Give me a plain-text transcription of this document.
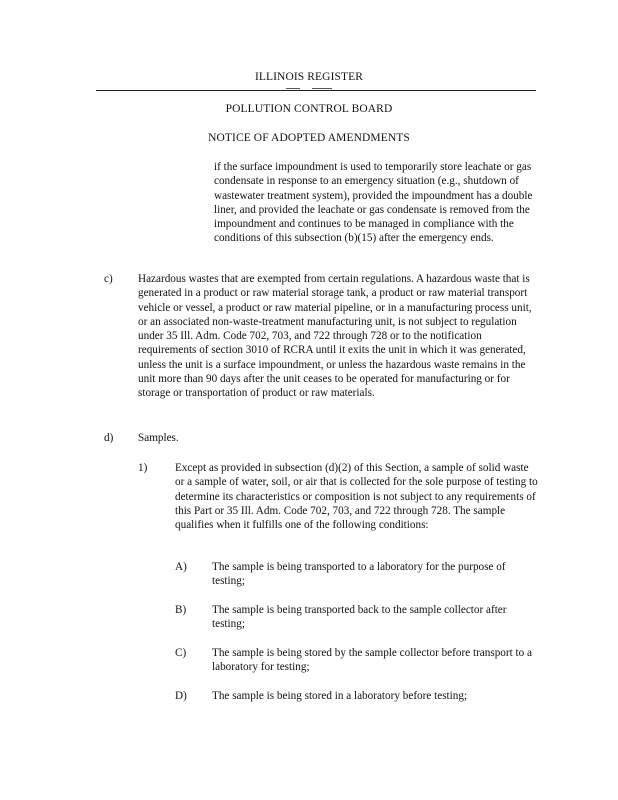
ILLINOIS REGISTER
POLLUTION CONTROL BOARD
NOTICE OF ADOPTED AMENDMENTS
if the surface impoundment is used to temporarily store leachate or gas condensate in response to an emergency situation (e.g., shutdown of wastewater treatment system), provided the impoundment has a double liner, and provided the leachate or gas condensate is removed from the impoundment and continues to be managed in compliance with the conditions of this subsection (b)(15) after the emergency ends.
c) Hazardous wastes that are exempted from certain regulations. A hazardous waste that is generated in a product or raw material storage tank, a product or raw material transport vehicle or vessel, a product or raw material pipeline, or in a manufacturing process unit, or an associated non-waste-treatment manufacturing unit, is not subject to regulation under 35 Ill. Adm. Code 702, 703, and 722 through 728 or to the notification requirements of section 3010 of RCRA until it exits the unit in which it was generated, unless the unit is a surface impoundment, or unless the hazardous waste remains in the unit more than 90 days after the unit ceases to be operated for manufacturing or for storage or transportation of product or raw materials.
d) Samples.
1) Except as provided in subsection (d)(2) of this Section, a sample of solid waste or a sample of water, soil, or air that is collected for the sole purpose of testing to determine its characteristics or composition is not subject to any requirements of this Part or 35 Ill. Adm. Code 702, 703, and 722 through 728. The sample qualifies when it fulfills one of the following conditions:
A) The sample is being transported to a laboratory for the purpose of testing;
B) The sample is being transported back to the sample collector after testing;
C) The sample is being stored by the sample collector before transport to a laboratory for testing;
D) The sample is being stored in a laboratory before testing;
